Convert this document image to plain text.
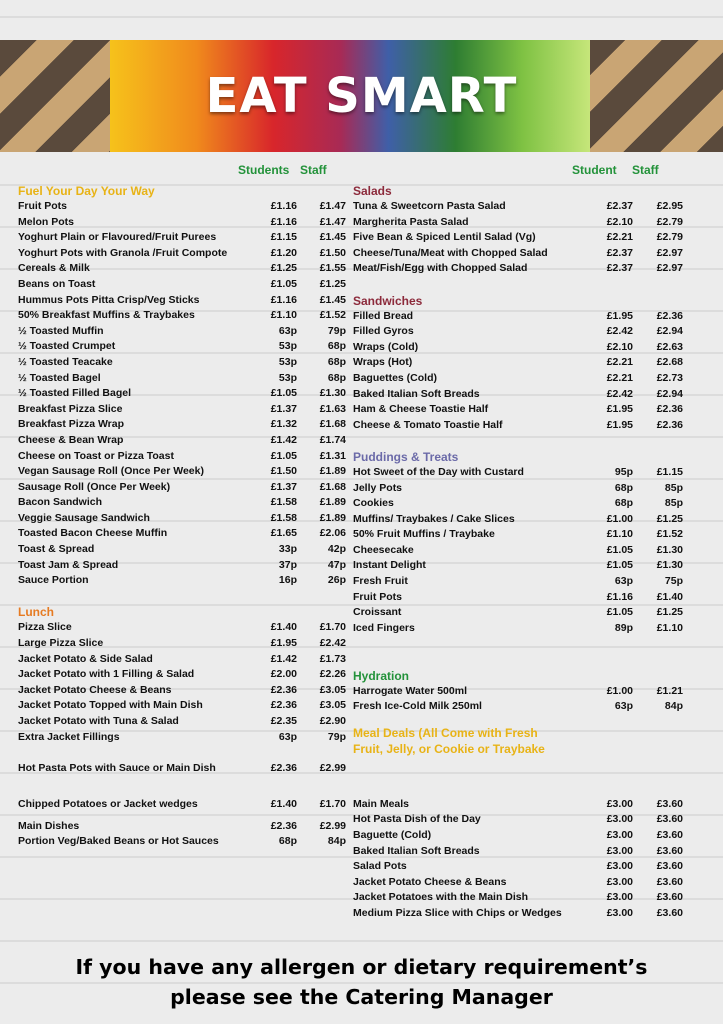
EAT SMART
Students Staff	Student Staff
Fuel Your Day Your Way
Fruit Pots	£1.16	£1.47
Melon Pots	£1.16	£1.47
Yoghurt Plain or Flavoured/Fruit Purees	£1.15	£1.45
Yoghurt Pots with Granola /Fruit Compote	£1.20	£1.50
Cereals & Milk	£1.25	£1.55
Beans on Toast	£1.05	£1.25
Hummus Pots Pitta Crisp/Veg Sticks	£1.16	£1.45
50% Breakfast Muffins & Traybakes	£1.10	£1.52
½ Toasted Muffin	63p	79p
½ Toasted Crumpet	53p	68p
½ Toasted Teacake	53p	68p
½ Toasted Bagel	53p	68p
½ Toasted Filled Bagel	£1.05	£1.30
Breakfast Pizza Slice	£1.37	£1.63
Breakfast Pizza Wrap	£1.32	£1.68
Cheese & Bean Wrap	£1.42	£1.74
Cheese on Toast or Pizza Toast	£1.05	£1.31
Vegan Sausage Roll (Once Per Week)	£1.50	£1.89
Sausage Roll (Once Per Week)	£1.37	£1.68
Bacon Sandwich	£1.58	£1.89
Veggie Sausage Sandwich	£1.58	£1.89
Toasted Bacon Cheese Muffin	£1.65	£2.06
Toast & Spread	33p	42p
Toast Jam & Spread	37p	47p
Sauce Portion	16p	26p
Lunch
Pizza Slice	£1.40	£1.70
Large Pizza Slice	£1.95	£2.42
Jacket Potato & Side Salad	£1.42	£1.73
Jacket Potato with 1 Filling & Salad	£2.00	£2.26
Jacket Potato Cheese & Beans	£2.36	£3.05
Jacket Potato Topped with Main Dish	£2.36	£3.05
Jacket Potato with Tuna & Salad	£2.35	£2.90
Extra Jacket Fillings	63p	79p
Hot Pasta Pots with Sauce or Main Dish	£2.36	£2.99
Chipped Potatoes or Jacket wedges	£1.40	£1.70
Main Dishes	£2.36	£2.99
Portion Veg/Baked Beans or Hot Sauces	68p	84p
Salads
Tuna & Sweetcorn Pasta Salad	£2.37	£2.95
Margherita Pasta Salad	£2.10	£2.79
Five Bean & Spiced Lentil Salad (Vg)	£2.21	£2.79
Cheese/Tuna/Meat with Chopped Salad	£2.37	£2.97
Meat/Fish/Egg with Chopped Salad	£2.37	£2.97
Sandwiches
Filled Bread	£1.95	£2.36
Filled Gyros	£2.42	£2.94
Wraps (Cold)	£2.10	£2.63
Wraps (Hot)	£2.21	£2.68
Baguettes (Cold)	£2.21	£2.73
Baked Italian Soft Breads	£2.42	£2.94
Ham & Cheese Toastie Half	£1.95	£2.36
Cheese & Tomato Toastie Half	£1.95	£2.36
Puddings & Treats
Hot Sweet of the Day with Custard	95p	£1.15
Jelly Pots	68p	85p
Cookies	68p	85p
Muffins/ Traybakes / Cake Slices	£1.00	£1.25
50% Fruit Muffins / Traybake	£1.10	£1.52
Cheesecake	£1.05	£1.30
Instant Delight	£1.05	£1.30
Fresh Fruit	63p	75p
Fruit Pots	£1.16	£1.40
Croissant	£1.05	£1.25
Iced Fingers	89p	£1.10
Hydration
Harrogate Water 500ml	£1.00	£1.21
Fresh Ice-Cold Milk 250ml	63p	84p
Meal Deals (All Come with Fresh
Fruit, Jelly, or Cookie or Traybake
Main Meals	£3.00	£3.60
Hot Pasta Dish of the Day	£3.00	£3.60
Baguette (Cold)	£3.00	£3.60
Baked Italian Soft Breads	£3.00	£3.60
Salad Pots	£3.00	£3.60
Jacket Potato Cheese & Beans	£3.00	£3.60
Jacket Potatoes with the Main Dish	£3.00	£3.60
Medium Pizza Slice with Chips or Wedges	£3.00	£3.60
If you have any allergen or dietary requirement’s
please see the Catering Manager
